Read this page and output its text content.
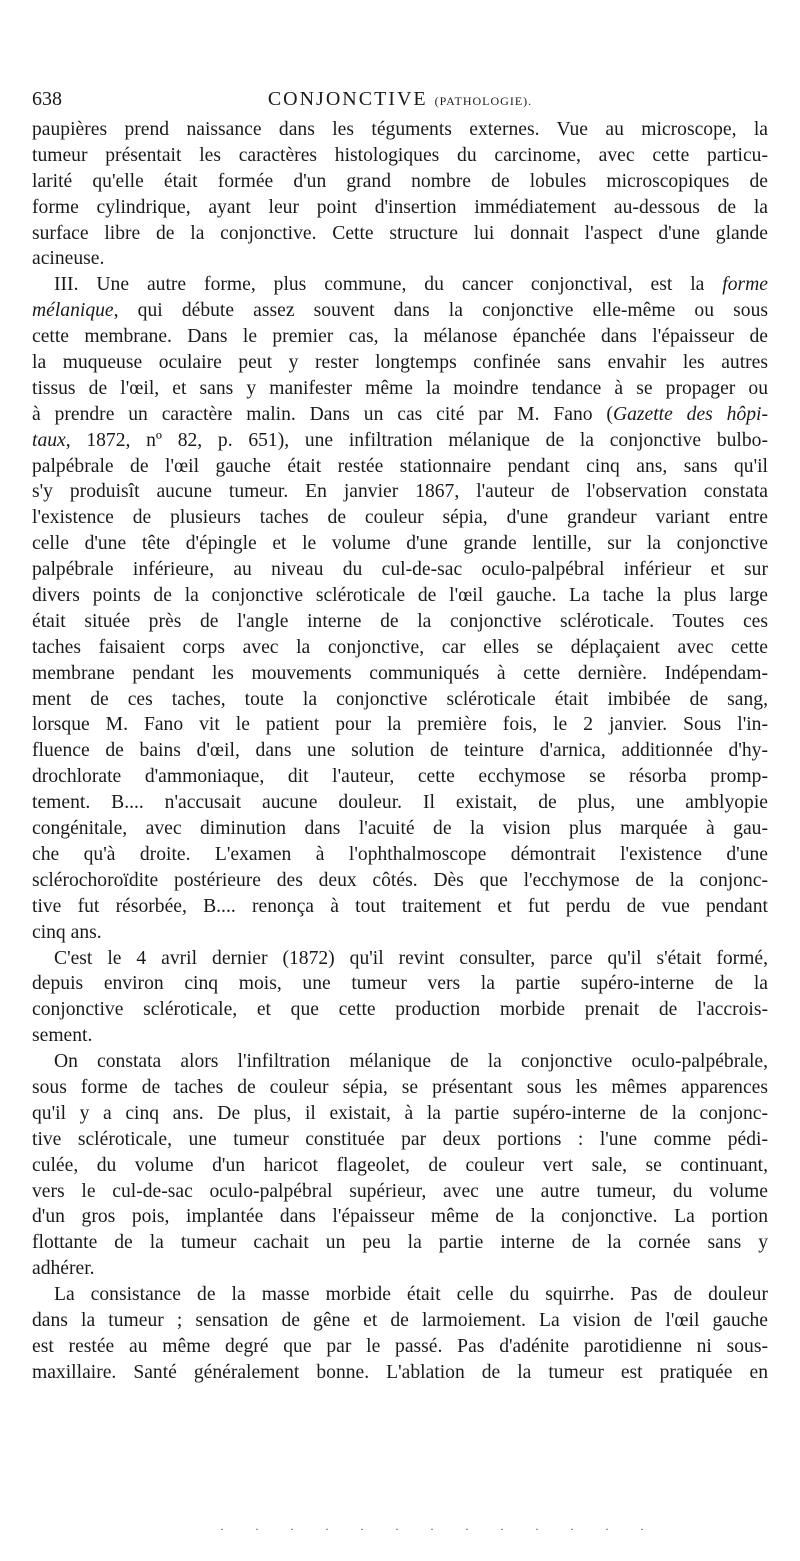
638	CONJONCTIVE (PATHOLOGIE).
paupières prend naissance dans les téguments externes. Vue au microscope, la
tumeur présentait les caractères histologiques du carcinome, avec cette particu-
larité qu'elle était formée d'un grand nombre de lobules microscopiques de
forme cylindrique, ayant leur point d'insertion immédiatement au-dessous de la
surface libre de la conjonctive. Cette structure lui donnait l'aspect d'une glande
acineuse.
III. Une autre forme, plus commune, du cancer conjonctival, est la forme
mélanique, qui débute assez souvent dans la conjonctive elle-même ou sous
cette membrane. Dans le premier cas, la mélanose épanchée dans l'épaisseur de
la muqueuse oculaire peut y rester longtemps confinée sans envahir les autres
tissus de l'œil, et sans y manifester même la moindre tendance à se propager ou
à prendre un caractère malin. Dans un cas cité par M. Fano (Gazette des hôpi-
taux, 1872, nº 82, p. 651), une infiltration mélanique de la conjonctive bulbo-
palpébrale de l'œil gauche était restée stationnaire pendant cinq ans, sans qu'il
s'y produisît aucune tumeur. En janvier 1867, l'auteur de l'observation constata
l'existence de plusieurs taches de couleur sépia, d'une grandeur variant entre
celle d'une tête d'épingle et le volume d'une grande lentille, sur la conjonctive
palpébrale inférieure, au niveau du cul-de-sac oculo-palpébral inférieur et sur
divers points de la conjonctive scléroticale de l'œil gauche. La tache la plus large
était située près de l'angle interne de la conjonctive scléroticale. Toutes ces
taches faisaient corps avec la conjonctive, car elles se déplaçaient avec cette
membrane pendant les mouvements communiqués à cette dernière. Indépendam-
ment de ces taches, toute la conjonctive scléroticale était imbibée de sang,
lorsque M. Fano vit le patient pour la première fois, le 2 janvier. Sous l'in-
fluence de bains d'œil, dans une solution de teinture d'arnica, additionnée d'hy-
drochlorate d'ammoniaque, dit l'auteur, cette ecchymose se résorba promp-
tement. B.... n'accusait aucune douleur. Il existait, de plus, une amblyopie
congénitale, avec diminution dans l'acuité de la vision plus marquée à gau-
che qu'à droite. L'examen à l'ophthalmoscope démontrait l'existence d'une
sclérochoroïdite postérieure des deux côtés. Dès que l'ecchymose de la conjonc-
tive fut résorbée, B.... renonça à tout traitement et fut perdu de vue pendant
cinq ans.
C'est le 4 avril dernier (1872) qu'il revint consulter, parce qu'il s'était formé,
depuis environ cinq mois, une tumeur vers la partie supéro-interne de la
conjonctive scléroticale, et que cette production morbide prenait de l'accrois-
sement.
On constata alors l'infiltration mélanique de la conjonctive oculo-palpébrale,
sous forme de taches de couleur sépia, se présentant sous les mêmes apparences
qu'il y a cinq ans. De plus, il existait, à la partie supéro-interne de la conjonc-
tive scléroticale, une tumeur constituée par deux portions : l'une comme pédi-
culée, du volume d'un haricot flageolet, de couleur vert sale, se continuant,
vers le cul-de-sac oculo-palpébral supérieur, avec une autre tumeur, du volume
d'un gros pois, implantée dans l'épaisseur même de la conjonctive. La portion
flottante de la tumeur cachait un peu la partie interne de la cornée sans y
adhérer.
La consistance de la masse morbide était celle du squirrhe. Pas de douleur
dans la tumeur ; sensation de gêne et de larmoiement. La vision de l'œil gauche
est restée au même degré que par le passé. Pas d'adénite parotidienne ni sous-
maxillaire. Santé généralement bonne. L'ablation de la tumeur est pratiquée en
· · · · · · · · · · · · ·
